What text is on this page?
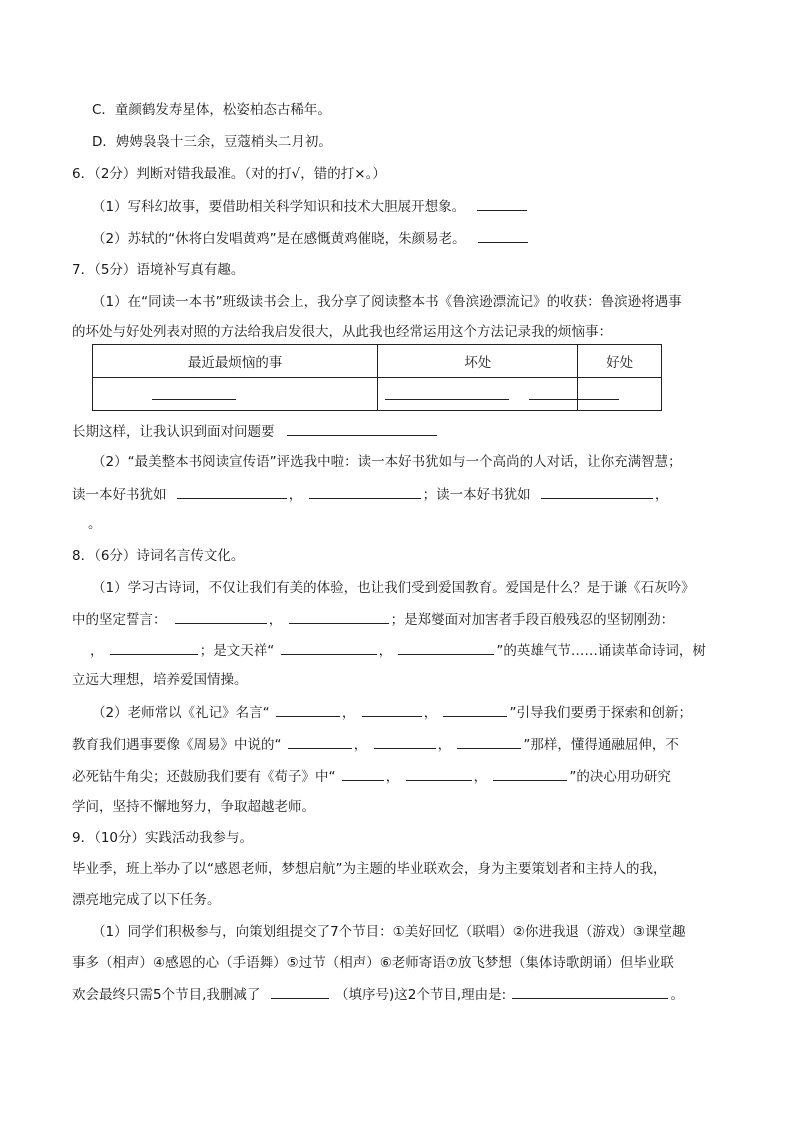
C．童颜鹤发寿星体，松姿柏态古稀年。
D．娉娉袅袅十三余，豆蔻梢头二月初。
6．（2分）判断对错我最准。（对的打√，错的打×。）
（1）写科幻故事，要借助相关科学知识和技术大胆展开想象。
（2）苏轼的“休将白发唱黄鸡”是在感慨黄鸡催晓，朱颜易老。
7．（5分）语境补写真有趣。
（1）在“同读一本书”班级读书会上，我分享了阅读整本书《鲁滨逊漂流记》的收获：鲁滨逊将遇事
的坏处与好处列表对照的方法给我启发很大，从此我也经常运用这个方法记录我的烦恼事：
最近最烦恼的事	坏处	好处

长期这样，让我认识到面对问题要
（2）“最美整本书阅读宣传语”评选我中啦：读一本好书犹如与一个高尚的人对话，让你充满智慧；
读一本好书犹如	，	；读一本好书犹如	，
。
8．（6分）诗词名言传文化。
（1）学习古诗词，不仅让我们有美的体验，也让我们受到爱国教育。爱国是什么？是于谦《石灰吟》
中的坚定誓言：	，	；是郑燮面对加害者手段百般残忍的坚韧刚劲：
，	；是文天祥“	，	”的英雄气节……诵读革命诗词，树
立远大理想，培养爱国情操。
（2）老师常以《礼记》名言“	，	，	”引导我们要勇于探索和创新；
教育我们遇事要像《周易》中说的“	，	，	”那样，懂得通融屈伸，不
必死钻牛角尖；还鼓励我们要有《荀子》中“	，	，	”的决心用功研究
学问，坚持不懈地努力，争取超越老师。
9．（10分）实践活动我参与。
毕业季，班上举办了以“感恩老师，梦想启航”为主题的毕业联欢会，身为主要策划者和主持人的我，
漂亮地完成了以下任务。
（1）同学们积极参与，向策划组提交了7个节目：①美好回忆（联唱）②你进我退（游戏）③课堂趣
事多（相声）④感恩的心（手语舞）⑤过节（相声）⑥老师寄语⑦放飞梦想（集体诗歌朗诵）但毕业联
欢会最终只需5个节目,我删减了	（填序号)这2个节目,理由是:	。
